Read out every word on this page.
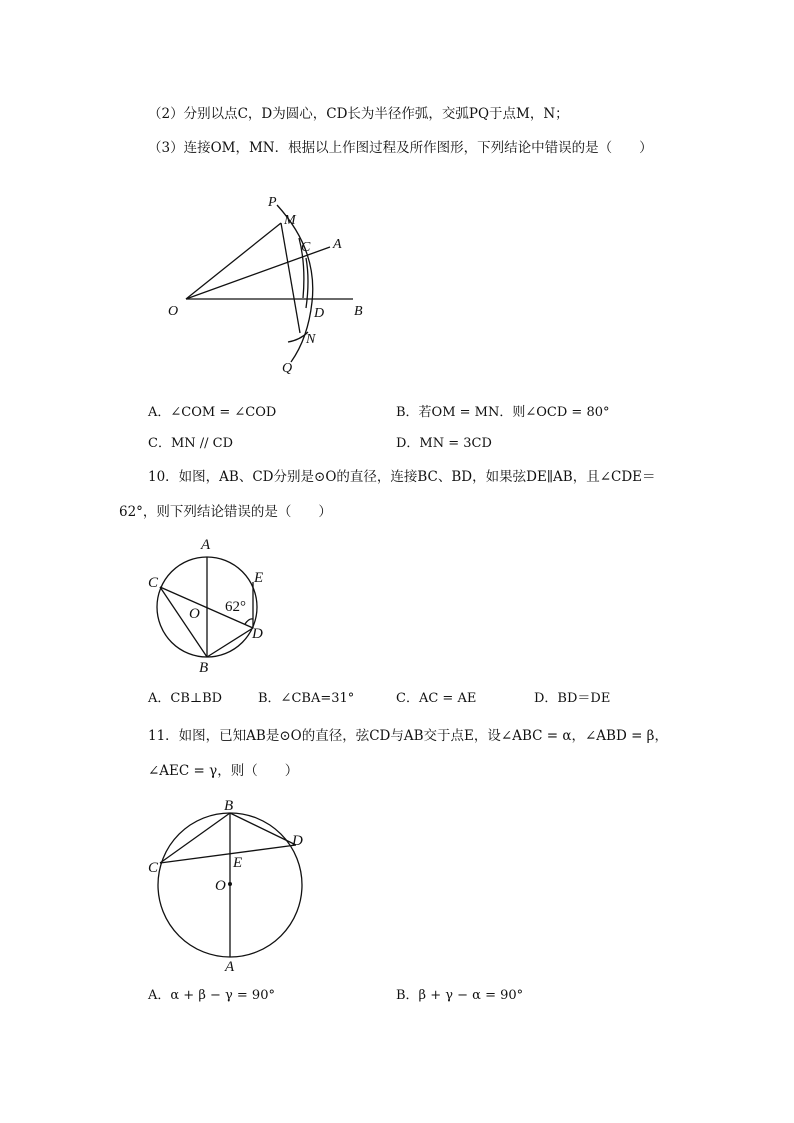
（2）分别以点C，D为圆心，CD长为半径作弧，交弧PQ于点M，N；
（3）连接OM，MN．根据以上作图过程及所作图形，下列结论中错误的是（　　）
P
M
C A
O	B
D
N
Q
A．∠COM = ∠COD	B．若OM = MN．则∠OCD = 80°
C．MN // CD	D．MN = 3CD
10．如图，AB、CD分别是⊙O的直径，连接BC、BD，如果弦DE∥AB，且∠CDE＝
62°，则下列结论错误的是（　　）
A
C	E
O 62°
D
B
A．CB⊥BD	B．∠CBA=31°	C．AC = AE	D．BD＝DE
11．如图，已知AB是⊙O的直径，弦CD与AB交于点E，设∠ABC = α，∠ABD = β，
∠AEC = γ，则（　　）
B
D
C	E
O
A
A．α + β − γ = 90°	B．β + γ − α = 90°
